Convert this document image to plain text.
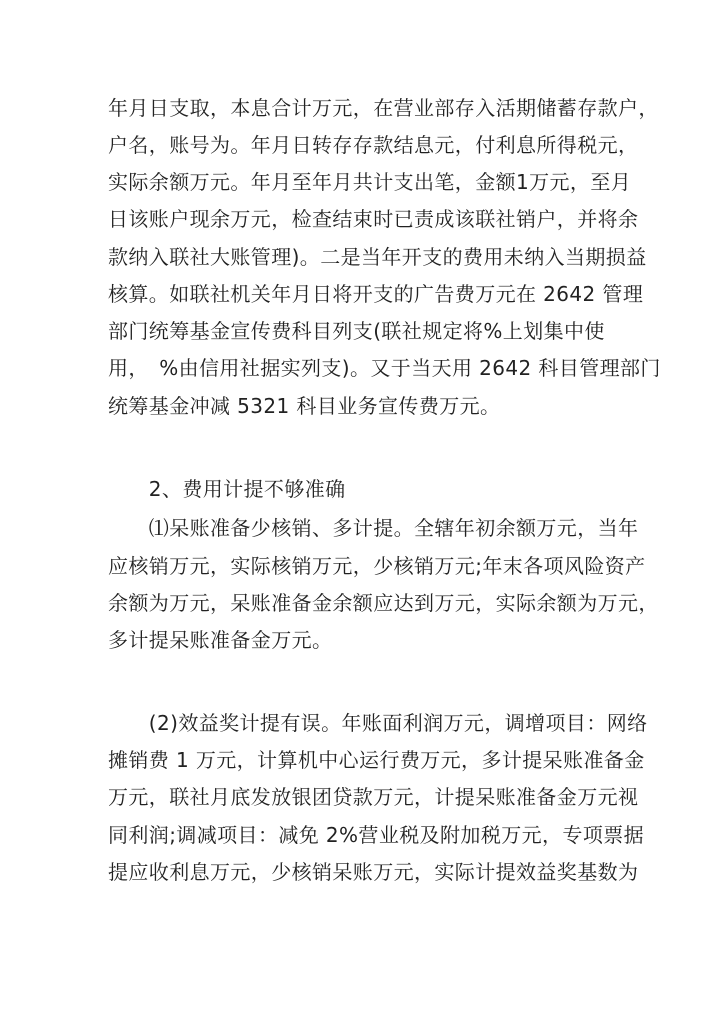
年月日支取，本息合计万元，在营业部存入活期储蓄存款户，
户名，账号为。年月日转存存款结息元，付利息所得税元，
实际余额万元。年月至年月共计支出笔，金额1万元，至月
日该账户现余万元，检查结束时已责成该联社销户，并将余
款纳入联社大账管理)。二是当年开支的费用未纳入当期损益
核算。如联社机关年月日将开支的广告费万元在 2642 管理
部门统筹基金宣传费科目列支(联社规定将%上划集中使
用，　%由信用社据实列支)。又于当天用 2642 科目管理部门
统筹基金冲减 5321 科目业务宣传费万元。
　　2、费用计提不够准确
　　⑴呆账准备少核销、多计提。全辖年初余额万元，当年
应核销万元，实际核销万元，少核销万元;年末各项风险资产
余额为万元，呆账准备金余额应达到万元，实际余额为万元，
多计提呆账准备金万元。
　　(2)效益奖计提有误。年账面利润万元，调增项目：网络
摊销费 1 万元，计算机中心运行费万元，多计提呆账准备金
万元，联社月底发放银团贷款万元，计提呆账准备金万元视
同利润;调减项目：减免 2%营业税及附加税万元，专项票据
提应收利息万元，少核销呆账万元，实际计提效益奖基数为
